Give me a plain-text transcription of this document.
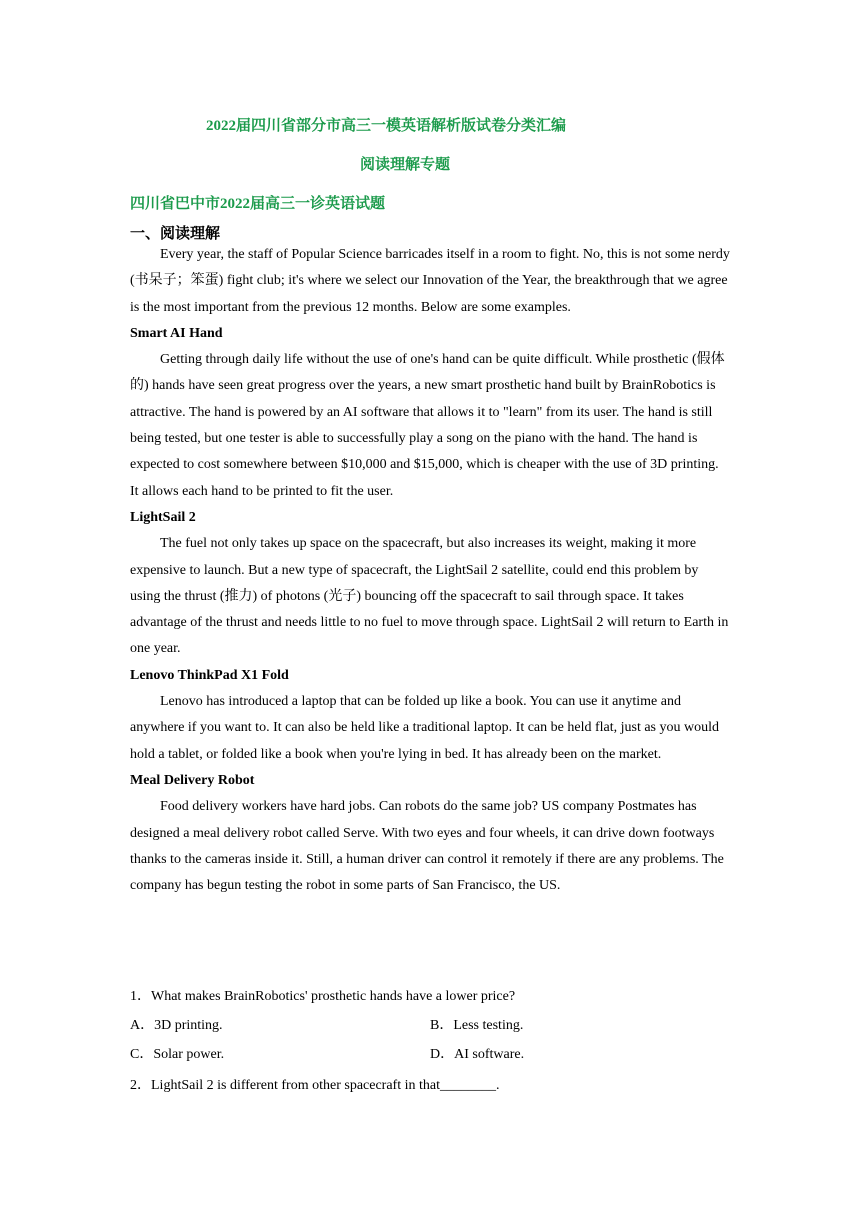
2022届四川省部分市高三一模英语解析版试卷分类汇编
阅读理解专题
四川省巴中市2022届高三一诊英语试题
一、阅读理解

Every year, the staff of Popular Science barricades itself in a room to fight. No, this is not some nerdy (书呆子；笨蛋) fight club; it's where we select our Innovation of the Year, the breakthrough that we agree is the most important from the previous 12 months. Below are some examples.

Smart AI Hand

Getting through daily life without the use of one's hand can be quite difficult. While prosthetic (假体的) hands have seen great progress over the years, a new smart prosthetic hand built by BrainRobotics is attractive. The hand is powered by an AI software that allows it to "learn" from its user. The hand is still being tested, but one tester is able to successfully play a song on the piano with the hand. The hand is expected to cost somewhere between $10,000 and $15,000, which is cheaper with the use of 3D printing. It allows each hand to be printed to fit the user.

LightSail 2

The fuel not only takes up space on the spacecraft, but also increases its weight, making it more expensive to launch. But a new type of spacecraft, the LightSail 2 satellite, could end this problem by using the thrust (推力) of photons (光子) bouncing off the spacecraft to sail through space. It takes advantage of the thrust and needs little to no fuel to move through space. LightSail 2 will return to Earth in one year.

Lenovo ThinkPad X1 Fold

Lenovo has introduced a laptop that can be folded up like a book. You can use it anytime and anywhere if you want to. It can also be held like a traditional laptop. It can be held flat, just as you would hold a tablet, or folded like a book when you're lying in bed. It has already been on the market.

Meal Delivery Robot

Food delivery workers have hard jobs. Can robots do the same job? US company Postmates has designed a meal delivery robot called Serve. With two eyes and four wheels, it can drive down footways thanks to the cameras inside it. Still, a human driver can control it remotely if there are any problems. The company has begun testing the robot in some parts of San Francisco, the US.

1．What makes BrainRobotics' prosthetic hands have a lower price?
A．3D printing.	B．Less testing.
C．Solar power.	D．AI software.
2．LightSail 2 is different from other spacecraft in that________.
